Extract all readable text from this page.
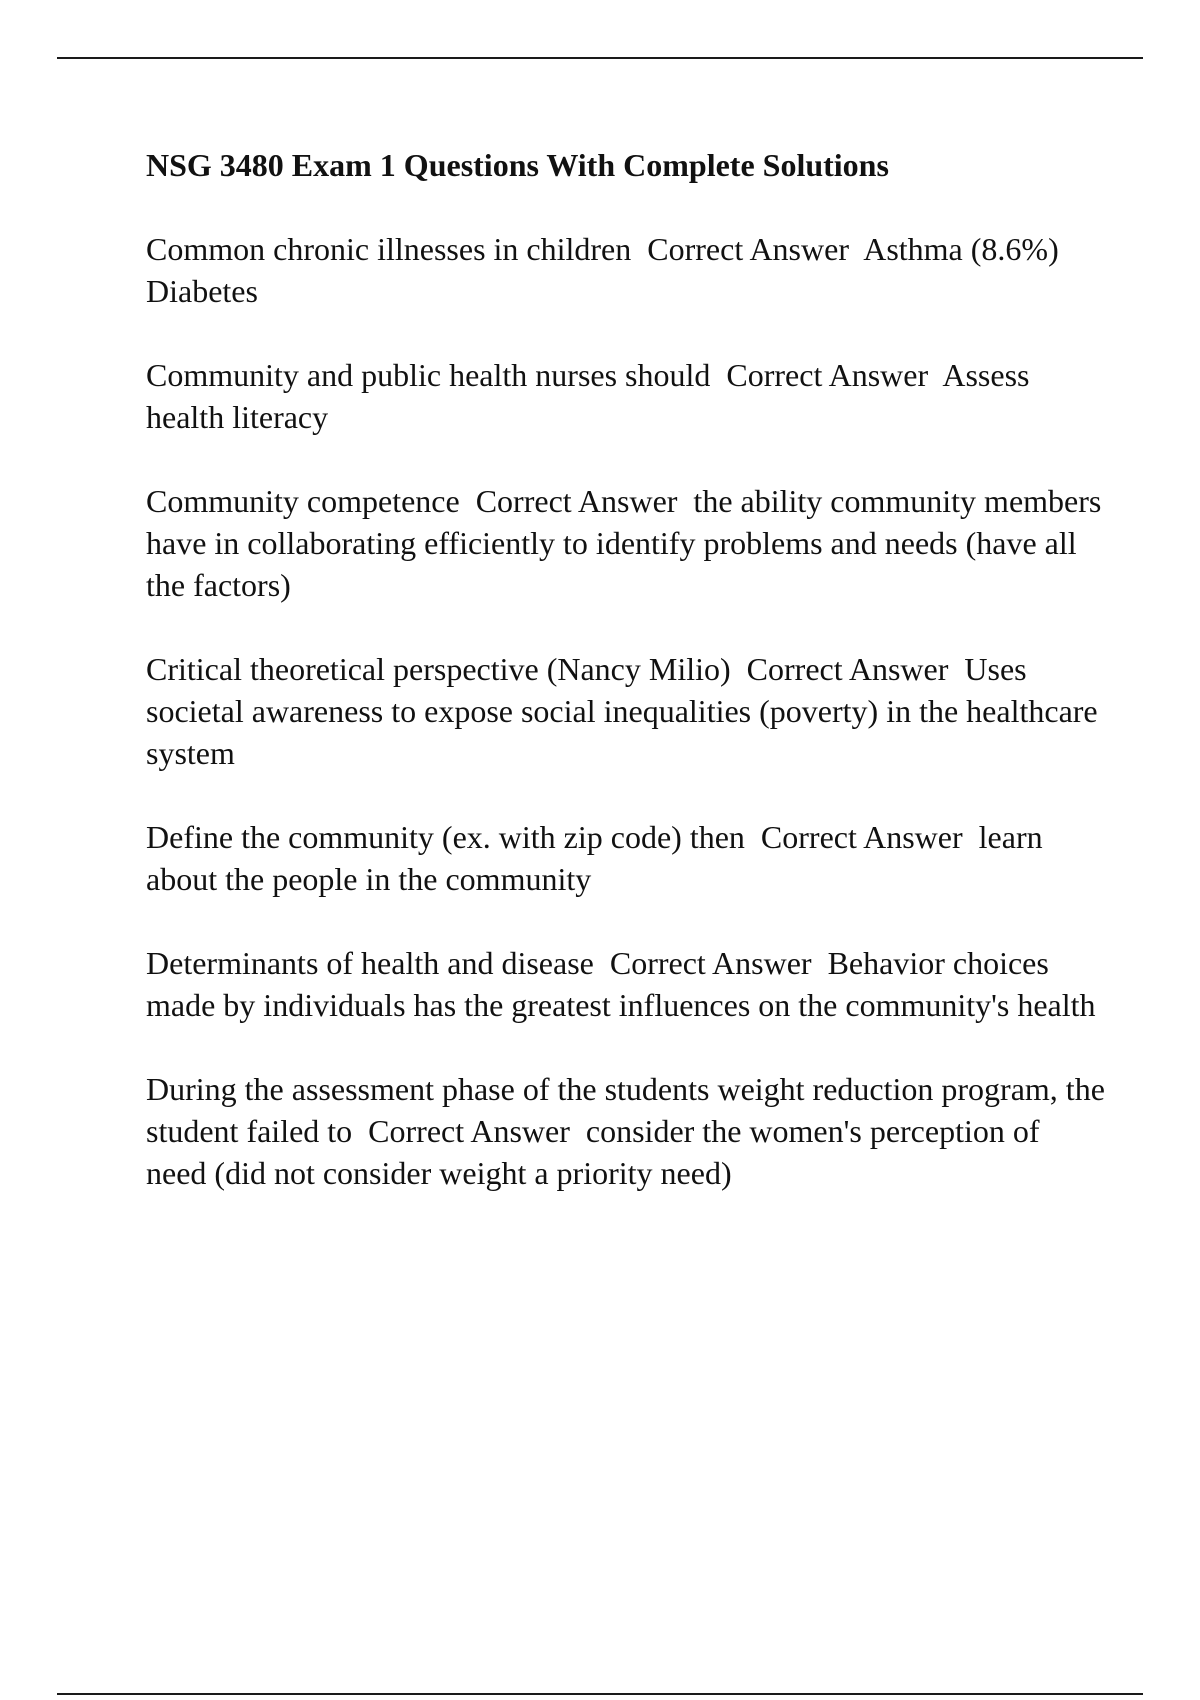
NSG 3480 Exam 1 Questions With Complete Solutions

Common chronic illnesses in children  Correct Answer  Asthma (8.6%)
Diabetes

Community and public health nurses should  Correct Answer  Assess health literacy

Community competence  Correct Answer  the ability community members have in collaborating efficiently to identify problems and needs (have all the factors)

Critical theoretical perspective (Nancy Milio)  Correct Answer  Uses societal awareness to expose social inequalities (poverty) in the healthcare system

Define the community (ex. with zip code) then  Correct Answer  learn about the people in the community

Determinants of health and disease  Correct Answer  Behavior choices made by individuals has the greatest influences on the community's health

During the assessment phase of the students weight reduction program, the student failed to  Correct Answer  consider the women's perception of need (did not consider weight a priority need)
